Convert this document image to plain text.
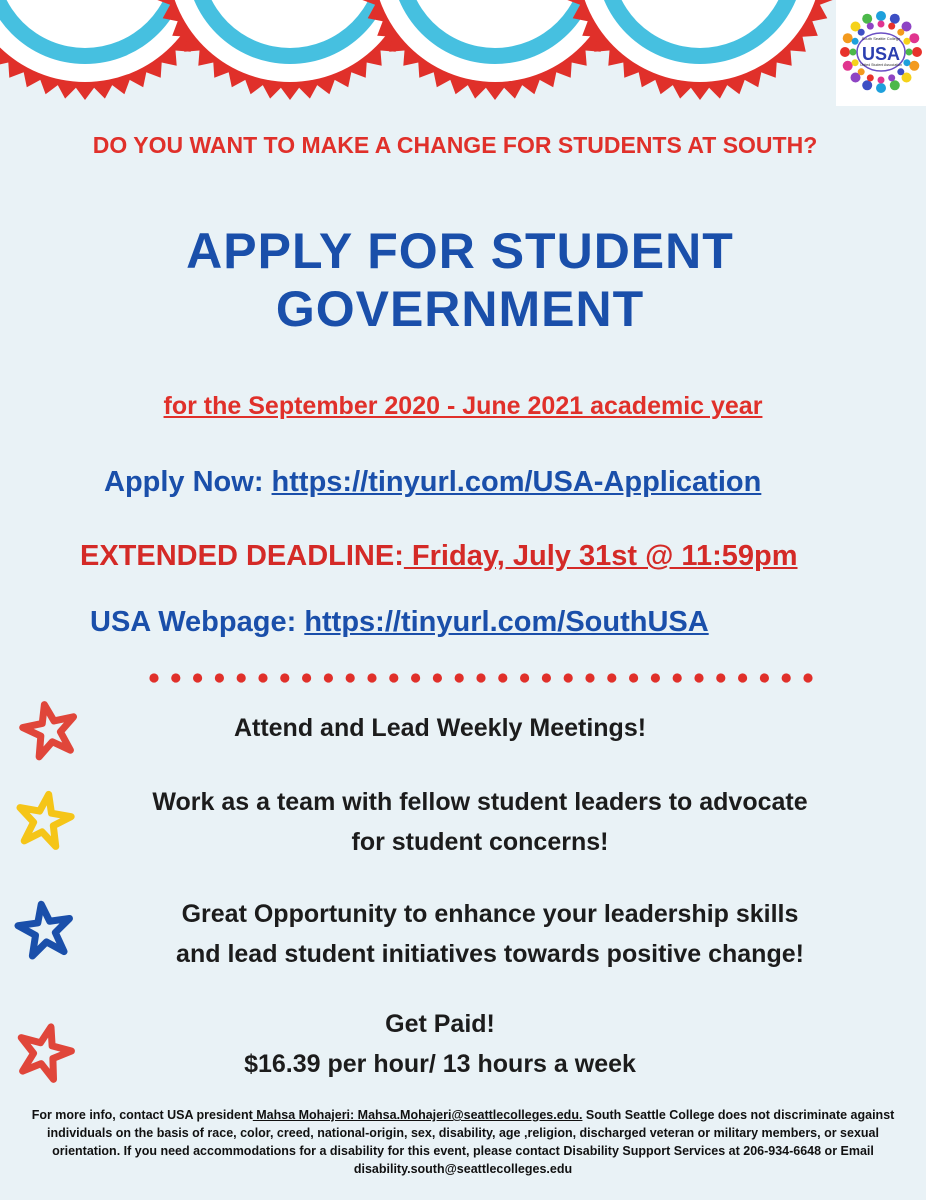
South Seattle College
USA
United Student Association
DO YOU WANT TO MAKE A CHANGE FOR STUDENTS AT SOUTH?
APPLY FOR STUDENT
GOVERNMENT
for the September 2020 - June 2021 academic year
Apply Now: https://tinyurl.com/USA-Application
EXTENDED DEADLINE: Friday, July 31st @ 11:59pm
USA Webpage: https://tinyurl.com/SouthUSA
Attend and Lead Weekly Meetings!
Work as a team with fellow student leaders to advocate
for student concerns!
Great Opportunity to enhance your leadership skills
and lead student initiatives towards positive change!
Get Paid!
$16.39 per hour/ 13 hours a week
For more info, contact USA president Mahsa Mohajeri: Mahsa.Mohajeri@seattlecolleges.edu. South Seattle College does not discriminate against individuals on the basis of race, color, creed, national-origin, sex, disability, age ,religion, discharged veteran or military members, or sexual orientation. If you need accommodations for a disability for this event, please contact Disability Support Services at 206-934-6648 or Email disability.south@seattlecolleges.edu
